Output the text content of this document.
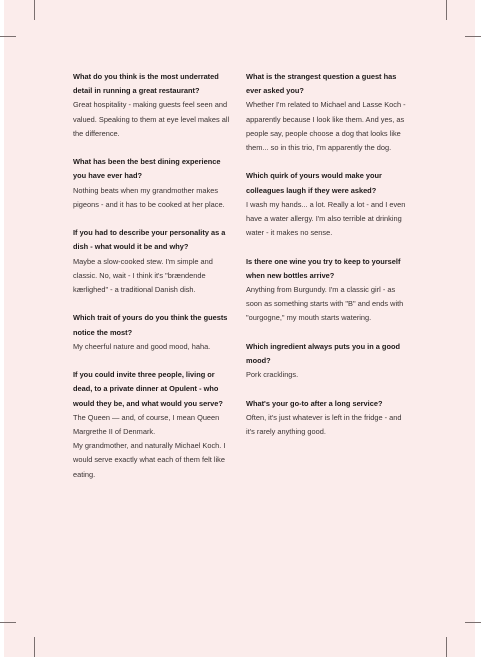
What do you think is the most underrated detail in running a great restaurant?

Great hospitality - making guests feel seen and valued. Speaking to them at eye level makes all the difference.

What has been the best dining experience you have ever had?

Nothing beats when my grandmother makes pigeons - and it has to be cooked at her place.

If you had to describe your personality as a dish - what would it be and why?

Maybe a slow-cooked stew. I'm simple and classic. No, wait - I think it's "brændende kærlighed" - a traditional Danish dish.

Which trait of yours do you think the guests notice the most?

My cheerful nature and good mood, haha.

If you could invite three people, living or dead, to a private dinner at Opulent - who would they be, and what would you serve?

The Queen — and, of course, I mean Queen Margrethe II of Denmark.

My grandmother, and naturally Michael Koch. I would serve exactly what each of them felt like eating.

What is the strangest question a guest has ever asked you?

Whether I'm related to Michael and Lasse Koch - apparently because I look like them. And yes, as people say, people choose a dog that looks like them... so in this trio, I'm apparently the dog.

Which quirk of yours would make your colleagues laugh if they were asked?

I wash my hands... a lot. Really a lot - and I even have a water allergy. I'm also terrible at drinking water - it makes no sense.

Is there one wine you try to keep to yourself when new bottles arrive?

Anything from Burgundy. I'm a classic girl - as soon as something starts with "B" and ends with "ourgogne," my mouth starts watering.

Which ingredient always puts you in a good mood?

Pork cracklings.

What's your go-to after a long service?

Often, it's just whatever is left in the fridge - and it's rarely anything good.
